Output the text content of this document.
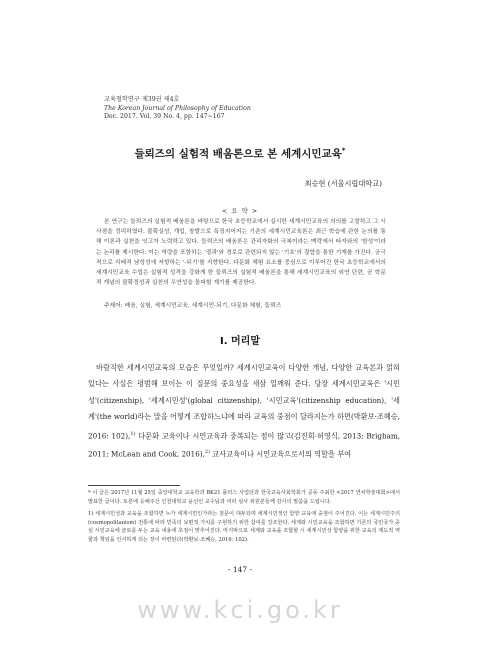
교육철학연구 제39권 제4호
The Korean Journal of Philosophy of Education
Dec. 2017. Vol. 39 No. 4, pp. 147~167
들뢰즈의 실험적 배움론으로 본 세계시민교육*
최승현 (서울시립대학교)
< 요 약 >
본 연구는 들뢰즈의 실험적 배움론을 바탕으로 한국 초등학교에서 실시한 세계시민교육의 의의를 고찰하고 그 시사점을 정리하였다. 불확실성, 개입, 창발으로 특징지어지는 기존의 세계시민교육론은 최근 학습에 관한 논의를 통해 이론과 실천을 잇고자 노력하고 있다. 들뢰즈의 배움론은 관리자화의 극복이라는 맥락에서 타자와의 '함성'이라는 논리를 제시한다. 이는 역량을 포함하는 '경과'와 경로로 관련되지 않는 '기호'의 결합을 통한 기계를 가진다. 궁극적으로 지배적 남성성에 저항하는 '-되기'를 지향한다. 다문화 체험 요소를 중심으로 이루어진 한국 초등학교에서의 세계시민교육 수업은 실험적 성격을 강화게 한 들뢰즈의 실험적 배움론을 통해 세계시민교육의 외연 단련, 곧 학문적 개념의 불확정성과 실천의 우연성을 돌파할 계기를 제공한다.
주제어: 배움, 실험, 세계시민교육, 세계시민-되기, 다문화 체험, 들뢰즈
Ⅰ. 머리말
바람직한 세계시민교육의 모습은 무엇일까? 세계시민교육이 다양한 개념, 다양한 교육론과 얽혀 있다는 사실은 평범해 보이는 이 질문의 중요성을 새삼 일깨워 준다. 당장 세계시민교육은 '시민성'(citizenship), '세계시민성'(global citizenship), '시민교육'(citizenship education), '세계'(the world)라는 말을 어떻게 조합하느냐에 따라 교육의 중점이 달라지는가 하면(박환보·조혜승, 2016: 102),$^{1)}$ 다문화 교육이나 시민교육과 중복되는 점이 많고(김진희·허영식, 2013; Brigham, 2011; McLean and Cook, 2016),$^{2)}$ 교사교육이나 시민교육으로서의 역할을 부여
* 이 글은 2017년 11월 25일 중앙대학교 교육학과 BK21 플러스 사업단과 한국교육사회학회가 공동 주최한 <2017 연차학술대회>에서 발표한 글이다. 토론에 응해주신 인천대학교 윤선인 교수님과 여러 심사 위원분들께 감사의 말씀을 드립니다.
1) 세계시민성과 교육을 조합하면 누가 세계시민인가라는 질문이 대두되며 세계시민적인 함양 교육에 중점이 주어진다. 이는 세계시민주의(cosmopolitanism) 전통에 따라 민족의 보편적 가치를 구현하기 위한 참여를 강조한다. 세계와 시민교육을 조합하면 기존의 국민국가 중심 시민교육에 균로를 두는 교육 내용에 초점이 맞추어진다. 마지막으로 세계와 교육을 조합할 시 세계시민성 함양을 위한 교육의 제도적 역할과 책임을 인식하게 되는 장이 마련된다(박환보·조혜승, 2016: 102).
- 147 -
www.kci.go.kr
